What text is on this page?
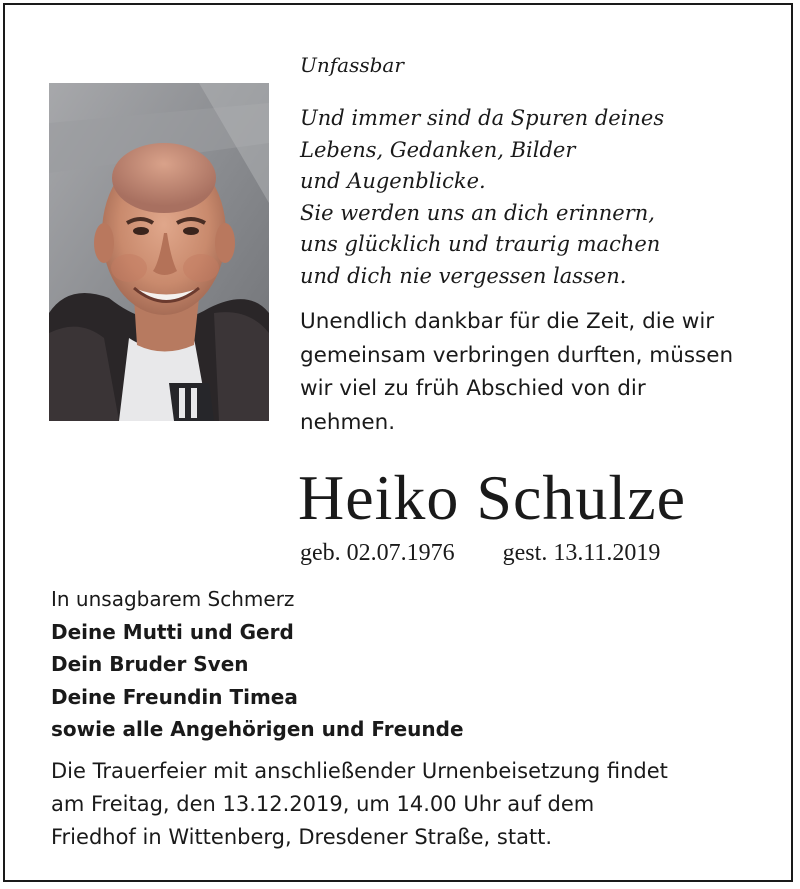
Unfassbar

Und immer sind da Spuren deines
Lebens, Gedanken, Bilder
und Augenblicke.
Sie werden uns an dich erinnern,
uns glücklich und traurig machen
und dich nie vergessen lassen.
Unendlich dankbar für die Zeit, die wir
gemeinsam verbringen durften, müssen
wir viel zu früh Abschied von dir
nehmen.
Heiko Schulze
geb. 02.07.1976 gest. 13.11.2019
In unsagbarem Schmerz
Deine Mutti und Gerd
Dein Bruder Sven
Deine Freundin Timea
sowie alle Angehörigen und Freunde
Die Trauerfeier mit anschließender Urnenbeisetzung findet
am Freitag, den 13.12.2019, um 14.00 Uhr auf dem
Friedhof in Wittenberg, Dresdener Straße, statt.
